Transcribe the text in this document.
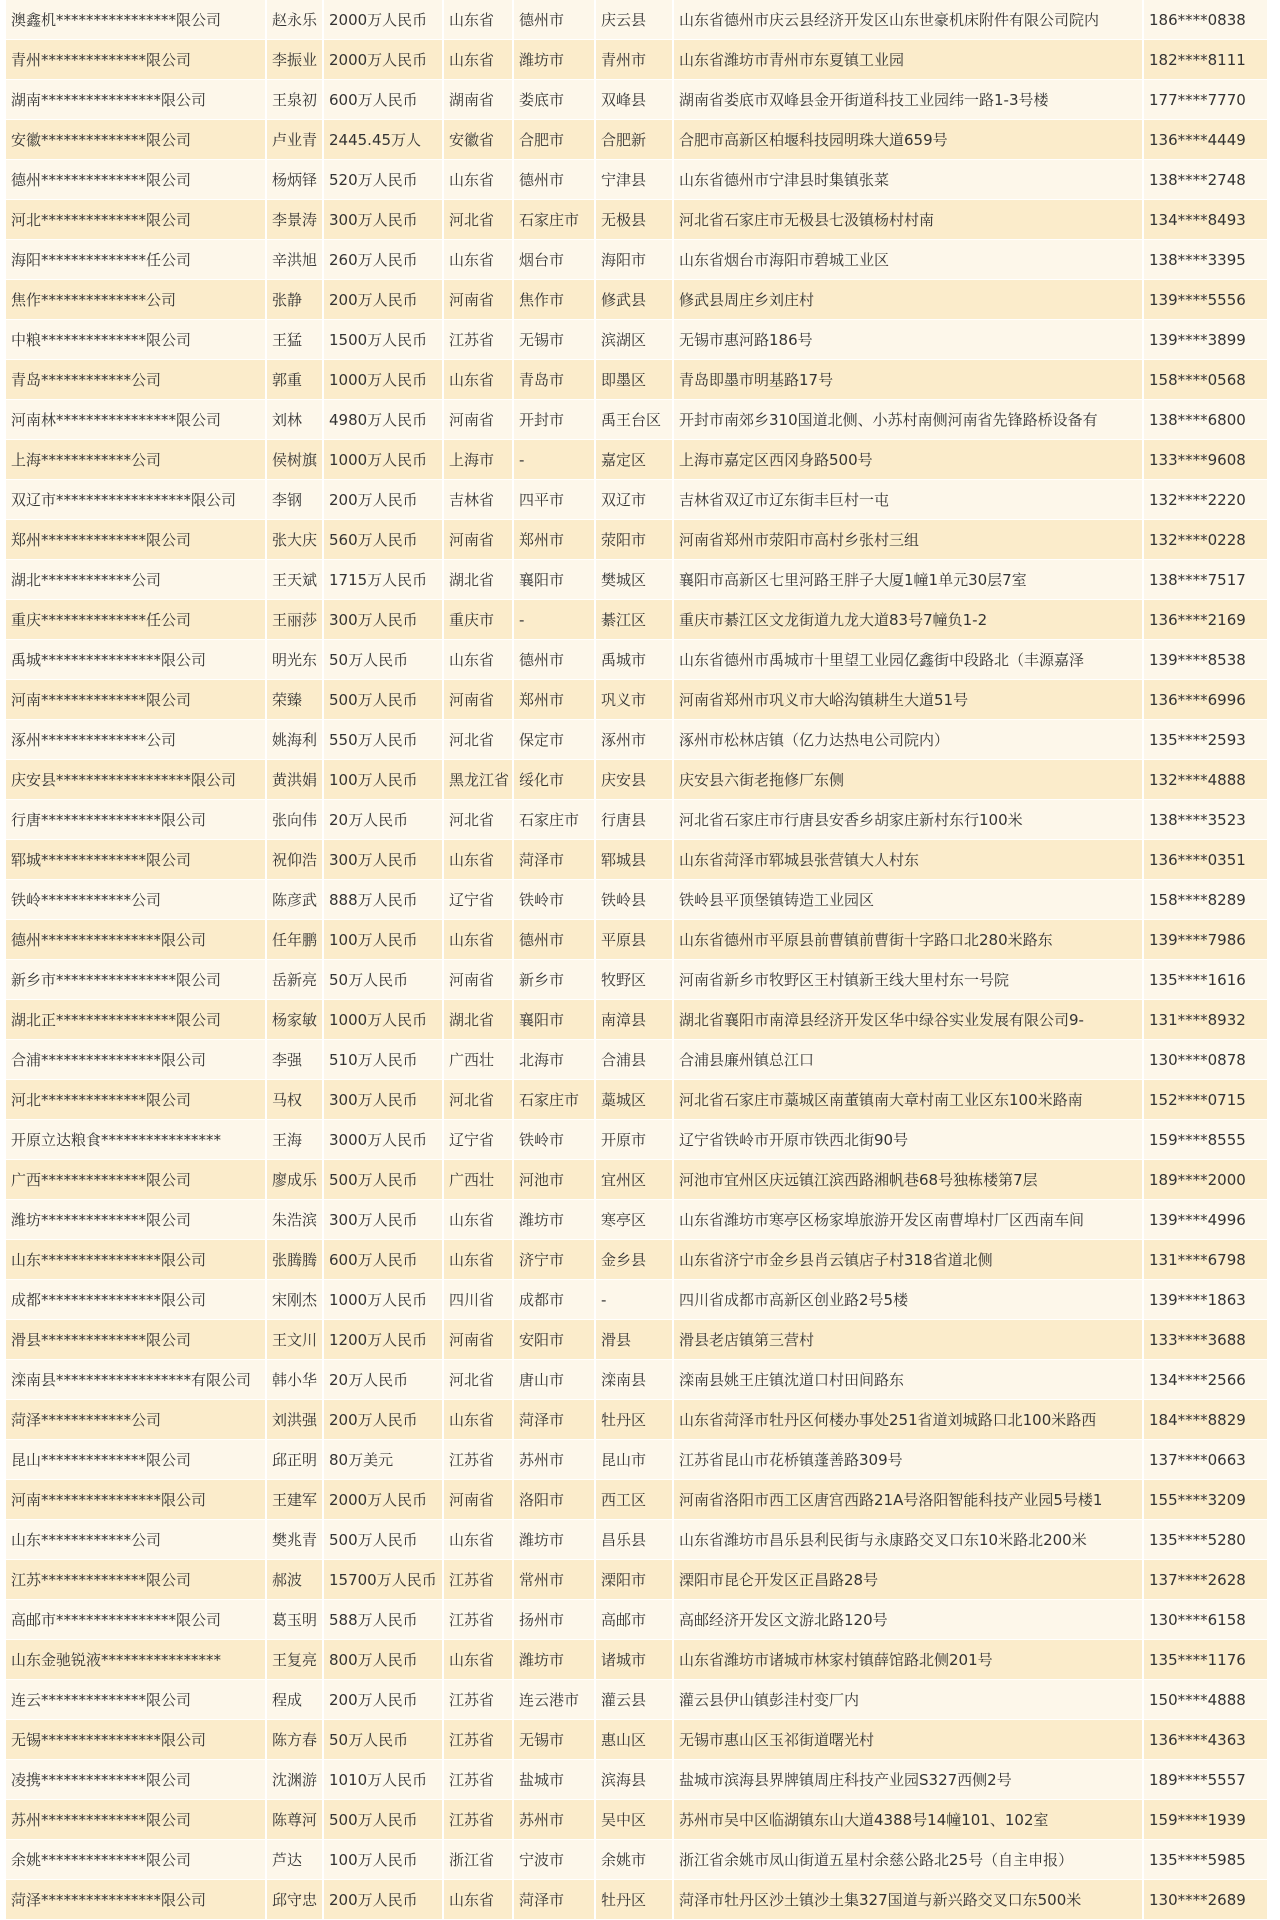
澳鑫机****************限公司	赵永乐	2000万人民币	山东省	德州市	庆云县	山东省德州市庆云县经济开发区山东世豪机床附件有限公司院内	186****0838
青州**************限公司	李振业	2000万人民币	山东省	潍坊市	青州市	山东省潍坊市青州市东夏镇工业园	182****8111
湖南****************限公司	王泉初	600万人民币	湖南省	娄底市	双峰县	湖南省娄底市双峰县金开街道科技工业园纬一路1-3号楼	177****7770
安徽**************限公司	卢业青	2445.45万人	安徽省	合肥市	合肥新	合肥市高新区柏堰科技园明珠大道659号	136****4449
德州**************限公司	杨炳铎	520万人民币	山东省	德州市	宁津县	山东省德州市宁津县时集镇张菜	138****2748
河北**************限公司	李景涛	300万人民币	河北省	石家庄市	无极县	河北省石家庄市无极县七汲镇杨村村南	134****8493
海阳**************任公司	辛洪旭	260万人民币	山东省	烟台市	海阳市	山东省烟台市海阳市碧城工业区	138****3395
焦作**************公司	张静	200万人民币	河南省	焦作市	修武县	修武县周庄乡刘庄村	139****5556
中粮**************限公司	王猛	1500万人民币	江苏省	无锡市	滨湖区	无锡市惠河路186号	139****3899
青岛************公司	郭重	1000万人民币	山东省	青岛市	即墨区	青岛即墨市明基路17号	158****0568
河南林****************限公司	刘林	4980万人民币	河南省	开封市	禹王台区	开封市南郊乡310国道北侧、小苏村南侧河南省先锋路桥设备有	138****6800
上海************公司	侯树旗	1000万人民币	上海市	-	嘉定区	上海市嘉定区西冈身路500号	133****9608
双辽市******************限公司	李钢	200万人民币	吉林省	四平市	双辽市	吉林省双辽市辽东街丰巨村一屯	132****2220
郑州**************限公司	张大庆	560万人民币	河南省	郑州市	荥阳市	河南省郑州市荥阳市高村乡张村三组	132****0228
湖北************公司	王天斌	1715万人民币	湖北省	襄阳市	樊城区	襄阳市高新区七里河路王胖子大厦1幢1单元30层7室	138****7517
重庆**************任公司	王丽莎	300万人民币	重庆市	-	綦江区	重庆市綦江区文龙街道九龙大道83号7幢负1-2	136****2169
禹城****************限公司	明光东	50万人民币	山东省	德州市	禹城市	山东省德州市禹城市十里望工业园亿鑫街中段路北（丰源嘉泽	139****8538
河南**************限公司	荣臻	500万人民币	河南省	郑州市	巩义市	河南省郑州市巩义市大峪沟镇耕生大道51号	136****6996
涿州**************公司	姚海利	550万人民币	河北省	保定市	涿州市	涿州市松林店镇（亿力达热电公司院内）	135****2593
庆安县******************限公司	黄洪娟	100万人民币	黑龙江省	绥化市	庆安县	庆安县六街老拖修厂东侧	132****4888
行唐****************限公司	张向伟	20万人民币	河北省	石家庄市	行唐县	河北省石家庄市行唐县安香乡胡家庄新村东行100米	138****3523
郓城**************限公司	祝仰浩	300万人民币	山东省	菏泽市	郓城县	山东省菏泽市郓城县张营镇大人村东	136****0351
铁岭************公司	陈彦武	888万人民币	辽宁省	铁岭市	铁岭县	铁岭县平顶堡镇铸造工业园区	158****8289
德州****************限公司	任年鹏	100万人民币	山东省	德州市	平原县	山东省德州市平原县前曹镇前曹街十字路口北280米路东	139****7986
新乡市****************限公司	岳新亮	50万人民币	河南省	新乡市	牧野区	河南省新乡市牧野区王村镇新王线大里村东一号院	135****1616
湖北正****************限公司	杨家敏	1000万人民币	湖北省	襄阳市	南漳县	湖北省襄阳市南漳县经济开发区华中绿谷实业发展有限公司9-	131****8932
合浦****************限公司	李强	510万人民币	广西壮	北海市	合浦县	合浦县廉州镇总江口	130****0878
河北**************限公司	马权	300万人民币	河北省	石家庄市	藁城区	河北省石家庄市藁城区南董镇南大章村南工业区东100米路南	152****0715
开原立达粮食****************	王海	3000万人民币	辽宁省	铁岭市	开原市	辽宁省铁岭市开原市铁西北街90号	159****8555
广西**************限公司	廖成乐	500万人民币	广西壮	河池市	宜州区	河池市宜州区庆远镇江滨西路湘帆巷68号独栋楼第7层	189****2000
潍坊**************限公司	朱浩滨	300万人民币	山东省	潍坊市	寒亭区	山东省潍坊市寒亭区杨家埠旅游开发区南曹埠村厂区西南车间	139****4996
山东****************限公司	张腾腾	600万人民币	山东省	济宁市	金乡县	山东省济宁市金乡县肖云镇店子村318省道北侧	131****6798
成都****************限公司	宋刚杰	1000万人民币	四川省	成都市	-	四川省成都市高新区创业路2号5楼	139****1863
滑县**************限公司	王文川	1200万人民币	河南省	安阳市	滑县	滑县老店镇第三营村	133****3688
滦南县******************有限公司	韩小华	20万人民币	河北省	唐山市	滦南县	滦南县姚王庄镇沈道口村田间路东	134****2566
菏泽************公司	刘洪强	200万人民币	山东省	菏泽市	牡丹区	山东省菏泽市牡丹区何楼办事处251省道刘城路口北100米路西	184****8829
昆山**************限公司	邱正明	80万美元	江苏省	苏州市	昆山市	江苏省昆山市花桥镇蓬善路309号	137****0663
河南****************限公司	王建军	2000万人民币	河南省	洛阳市	西工区	河南省洛阳市西工区唐宫西路21A号洛阳智能科技产业园5号楼1	155****3209
山东************公司	樊兆青	500万人民币	山东省	潍坊市	昌乐县	山东省潍坊市昌乐县利民街与永康路交叉口东10米路北200米	135****5280
江苏**************限公司	郝波	15700万人民币	江苏省	常州市	溧阳市	溧阳市昆仑开发区正昌路28号	137****2628
高邮市****************限公司	葛玉明	588万人民币	江苏省	扬州市	高邮市	高邮经济开发区文游北路120号	130****6158
山东金驰锐液****************	王复亮	800万人民币	山东省	潍坊市	诸城市	山东省潍坊市诸城市林家村镇薛馆路北侧201号	135****1176
连云**************限公司	程成	200万人民币	江苏省	连云港市	灌云县	灌云县伊山镇彭洼村变厂内	150****4888
无锡****************限公司	陈方春	50万人民币	江苏省	无锡市	惠山区	无锡市惠山区玉祁街道曙光村	136****4363
凌携**************限公司	沈渊游	1010万人民币	江苏省	盐城市	滨海县	盐城市滨海县界牌镇周庄科技产业园S327西侧2号	189****5557
苏州**************限公司	陈尊河	500万人民币	江苏省	苏州市	吴中区	苏州市吴中区临湖镇东山大道4388号14幢101、102室	159****1939
余姚**************限公司	芦达	100万人民币	浙江省	宁波市	余姚市	浙江省余姚市凤山街道五星村余慈公路北25号（自主申报）	135****5985
菏泽****************限公司	邱守忠	200万人民币	山东省	菏泽市	牡丹区	菏泽市牡丹区沙土镇沙土集327国道与新兴路交叉口东500米	130****2689
